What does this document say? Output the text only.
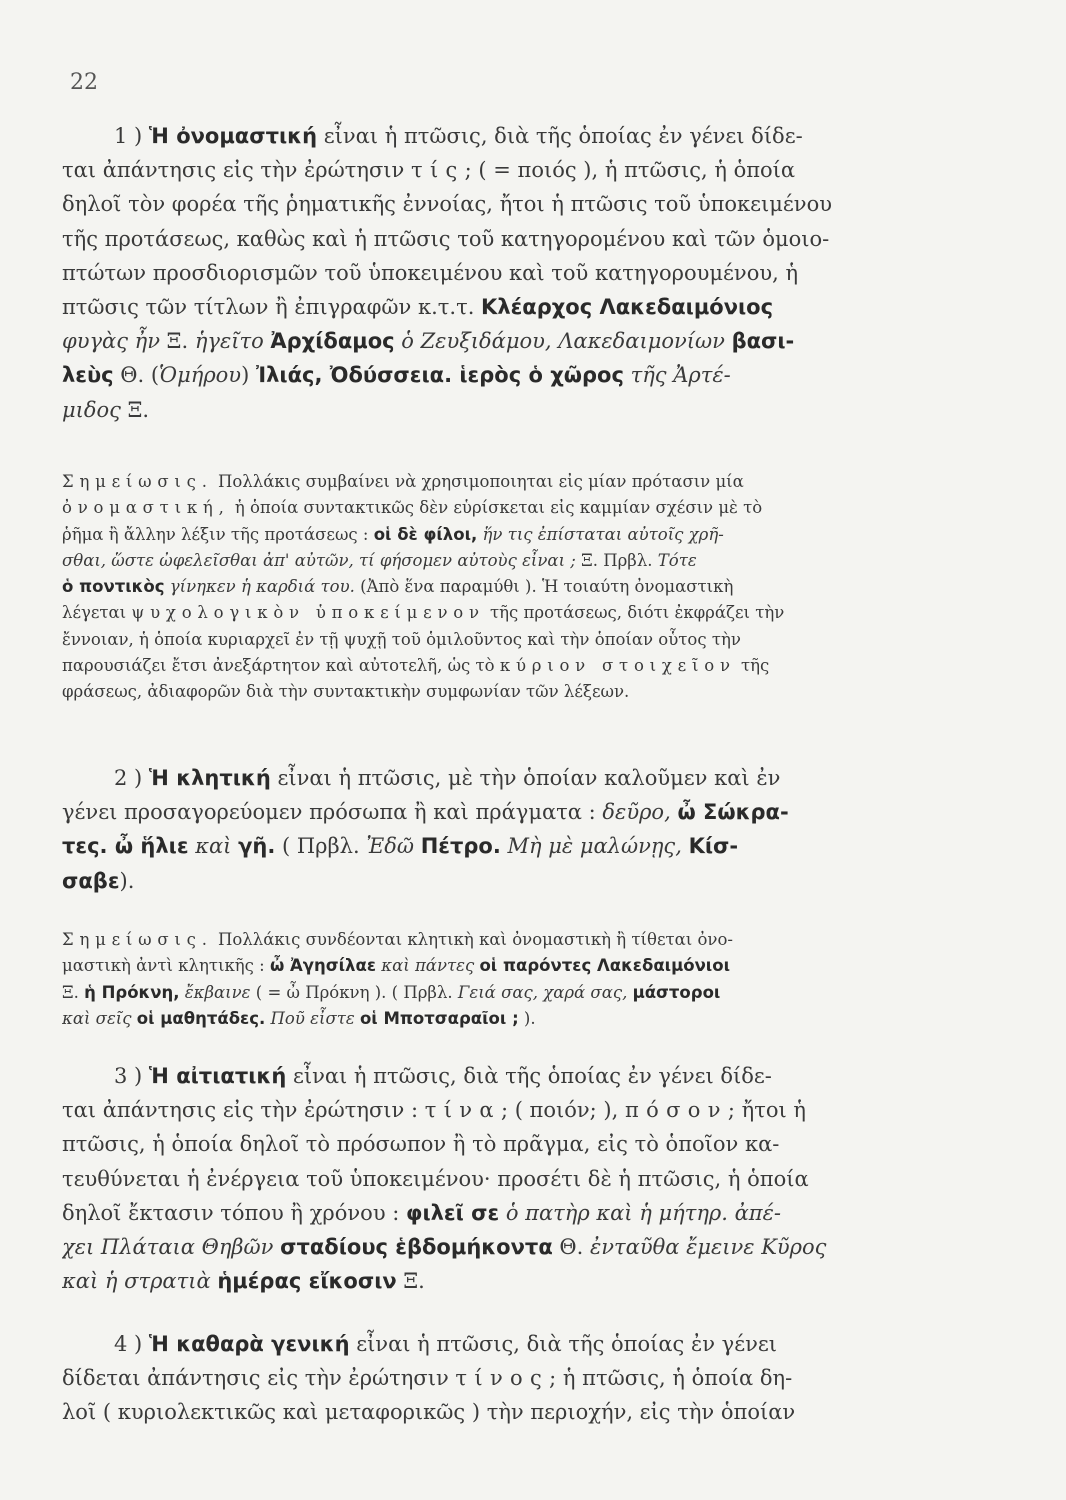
22
1 ) Ἡ ὀνομαστική εἶναι ἡ πτῶσις, διὰ τῆς ὁποίας ἐν γένει δίδε-
ται ἀπάντησις εἰς τὴν ἐρώτησιν τίς; ( = ποιός ), ἡ πτῶσις, ἡ ὁποία
δηλοῖ τὸν φορέα τῆς ῥηματικῆς ἐννοίας, ἤτοι ἡ πτῶσις τοῦ ὑποκειμένου
τῆς προτάσεως, καθὼς καὶ ἡ πτῶσις τοῦ κατηγορομένου καὶ τῶν ὁμοιο-
πτώτων προσδιορισμῶν τοῦ ὑποκειμένου καὶ τοῦ κατηγορουμένου, ἡ
πτῶσις τῶν τίτλων ἢ ἐπιγραφῶν κ.τ.τ. Κλέαρχος Λακεδαιμόνιος
φυγὰς ἦν Ξ. ἡγεῖτο Ἀρχίδαμος ὁ Ζευξιδάμου, Λακεδαιμονίων βασι-
λεὺς Θ. (Ὁμήρου) Ἰλιάς, Ὀδύσσεια. ἱερὸς ὁ χῶρος τῆς Ἀρτέ-
μιδος Ξ.
Σημείωσις. Πολλάκις συμβαίνει νὰ χρησιμοποιηται εἰς μίαν πρότασιν μία
ὀνομαστική, ἡ ὁποία συντακτικῶς δὲν εὑρίσκεται εἰς καμμίαν σχέσιν μὲ τὸ
ῥῆμα ἢ ἄλλην λέξιν τῆς προτάσεως : οἱ δὲ φίλοι, ἥν τις ἐπίσταται αὐτοῖς χρῆ-
σθαι, ὥστε ὠφελεῖσθαι ἀπ' αὐτῶν, τί φήσομεν αὐτοὺς εἶναι ; Ξ. Πρβλ. Τότε
ὁ ποντικὸς γίνηκεν ἡ καρδιά του. (Ἀπὸ ἕνα παραμύθι ). Ἡ τοιαύτη ὀνομαστικὴ
λέγεται ψυχολογικὸν ὑποκείμενον τῆς προτάσεως, διότι ἐκφράζει τὴν
ἔννοιαν, ἡ ὁποία κυριαρχεῖ ἐν τῇ ψυχῇ τοῦ ὁμιλοῦντος καὶ τὴν ὁποίαν οὗτος τὴν
παρουσιάζει ἔτσι ἀνεξάρτητον καὶ αὐτοτελῆ, ὡς τὸ κύριον στοιχεῖον τῆς
φράσεως, ἀδιαφορῶν διὰ τὴν συντακτικὴν συμφωνίαν τῶν λέξεων.
2 ) Ἡ κλητική εἶναι ἡ πτῶσις, μὲ τὴν ὁποίαν καλοῦμεν καὶ ἐν
γένει προσαγορεύομεν πρόσωπα ἢ καὶ πράγματα : δεῦρο, ὦ Σώκρα-
τες. ὦ ἥλιε καὶ γῆ. ( Πρβλ. Ἐδῶ Πέτρο. Μὴ μὲ μαλώνῃς, Κίσ-
σαβε).
Σημείωσις. Πολλάκις συνδέονται κλητικὴ καὶ ὀνομαστικὴ ἢ τίθεται ὀνο-
μαστικὴ ἀντὶ κλητικῆς : ὦ Ἀγησίλαε καὶ πάντες οἱ παρόντες Λακεδαιμόνιοι
Ξ. ἡ Πρόκνη, ἔκβαινε ( = ὦ Πρόκνη ). ( Πρβλ. Γειά σας, χαρά σας, μάστοροι
καὶ σεῖς οἱ μαθητάδες. Ποῦ εἶστε οἱ Μποτσαραῖοι ; ).
3 ) Ἡ αἰτιατική εἶναι ἡ πτῶσις, διὰ τῆς ὁποίας ἐν γένει δίδε-
ται ἀπάντησις εἰς τὴν ἐρώτησιν : τίνα; ( ποιόν; ), πόσον; ἤτοι ἡ
πτῶσις, ἡ ὁποία δηλοῖ τὸ πρόσωπον ἢ τὸ πρᾶγμα, εἰς τὸ ὁποῖον κα-
τευθύνεται ἡ ἐνέργεια τοῦ ὑποκειμένου· προσέτι δὲ ἡ πτῶσις, ἡ ὁποία
δηλοῖ ἔκτασιν τόπου ἢ χρόνου : φιλεῖ σε ὁ πατὴρ καὶ ἡ μήτηρ. ἀπέ-
χει Πλάταια Θηβῶν σταδίους ἑβδομήκοντα Θ. ἐνταῦθα ἔμεινε Κῦρος
καὶ ἡ στρατιὰ ἡμέρας εἴκοσιν Ξ.
4 ) Ἡ καθαρὰ γενική εἶναι ἡ πτῶσις, διὰ τῆς ὁποίας ἐν γένει
δίδεται ἀπάντησις εἰς τὴν ἐρώτησιν τίνος; ἡ πτῶσις, ἡ ὁποία δη-
λοῖ ( κυριολεκτικῶς καὶ μεταφορικῶς ) τὴν περιοχήν, εἰς τὴν ὁποίαν
